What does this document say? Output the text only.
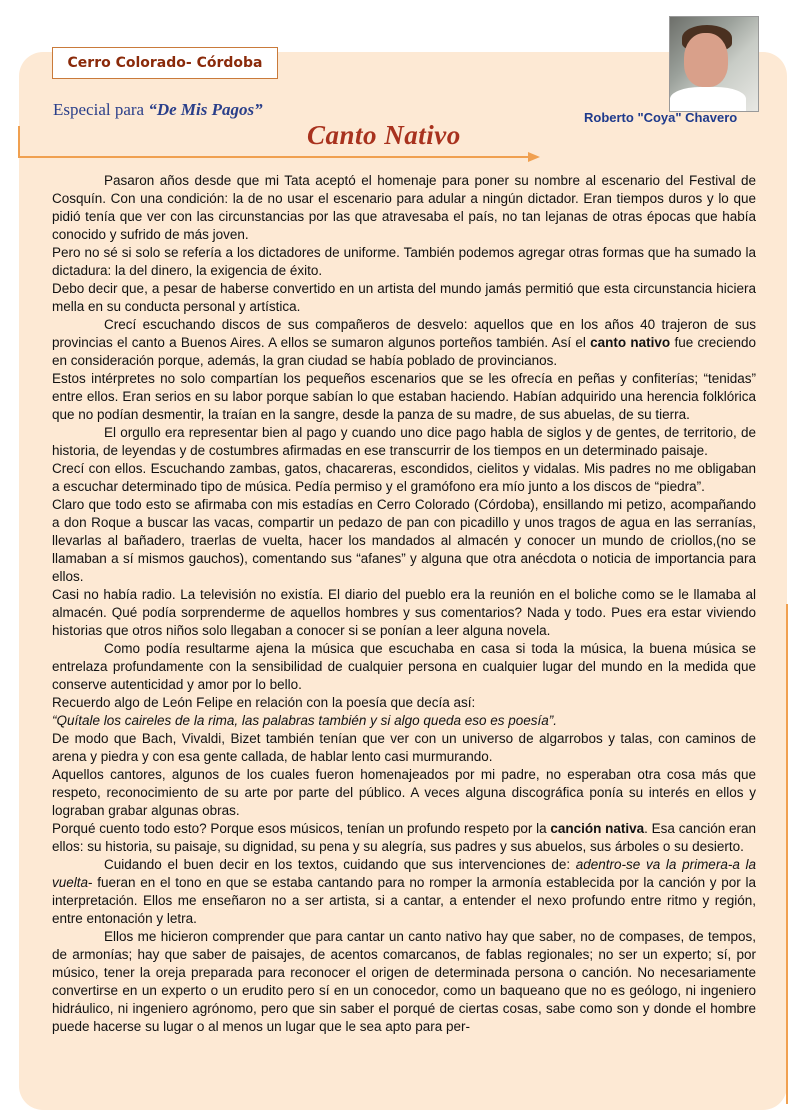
Cerro Colorado- Córdoba
Especial para “De Mis Pagos”	Roberto "Coya" Chavero
Canto Nativo

Pasaron años desde que mi Tata aceptó el homenaje para poner su nombre al escenario del Festival de Cosquín. Con una condición: la de no usar el escenario para adular a ningún dictador. Eran tiempos duros y lo que pidió tenía que ver con las circunstancias por las que atravesaba el país, no tan lejanas de otras épocas que había conocido y sufrido de más joven.

Pero no sé si solo se refería a los dictadores de uniforme. También podemos agregar otras formas que ha sumado la dictadura: la del dinero, la exigencia de éxito.

Debo decir que, a pesar de haberse convertido en un artista del mundo jamás permitió que esta circunstancia hiciera mella en su conducta personal y artística.

Crecí escuchando discos de sus compañeros de desvelo: aquellos que en los años 40 trajeron de sus provincias el canto a Buenos Aires. A ellos se sumaron algunos porteños también. Así el canto nativo fue creciendo en consideración porque, además, la gran ciudad se había poblado de provincianos.

Estos intérpretes no solo compartían los pequeños escenarios que se les ofrecía en peñas y confiterías; “tenidas” entre ellos. Eran serios en su labor porque sabían lo que estaban haciendo. Habían adquirido una herencia folklórica que no podían desmentir, la traían en la sangre, desde la panza de su madre, de sus abuelas, de su tierra.

El orgullo era representar bien al pago y cuando uno dice pago habla de siglos y de gentes, de territorio, de historia, de leyendas y de costumbres afirmadas en ese transcurrir de los tiempos en un determinado paisaje.

Crecí con ellos. Escuchando zambas, gatos, chacareras, escondidos, cielitos y vidalas. Mis padres no me obligaban a escuchar determinado tipo de música. Pedía permiso y el gramófono era mío junto a los discos de “piedra”.

Claro que todo esto se afirmaba con mis estadías en Cerro Colorado (Córdoba), ensillando mi petizo, acompañando a don Roque a buscar las vacas, compartir un pedazo de pan con picadillo y unos tragos de agua en las serranías, llevarlas al bañadero, traerlas de vuelta, hacer los mandados al almacén y conocer un mundo de criollos,(no se llamaban a sí mismos gauchos), comentando sus “afanes” y alguna que otra anécdota o noticia de importancia para ellos.

Casi no había radio. La televisión no existía. El diario del pueblo era la reunión en el boliche como se le llamaba al almacén. Qué podía sorprenderme de aquellos hombres y sus comentarios? Nada y todo. Pues era estar viviendo historias que otros niños solo llegaban a conocer si se ponían a leer alguna novela.

Como podía resultarme ajena la música que escuchaba en casa si toda la música, la buena música se entrelaza profundamente con la sensibilidad de cualquier persona en cualquier lugar del mundo en la medida que conserve autenticidad y amor por lo bello.

Recuerdo algo de León Felipe en relación con la poesía que decía así:

“Quítale los caireles de la rima, las palabras también y si algo queda eso es poesía”.

De modo que Bach, Vivaldi, Bizet también tenían que ver con un universo de algarrobos y talas, con caminos de arena y piedra y con esa gente callada, de hablar lento casi murmurando.

Aquellos cantores, algunos de los cuales fueron homenajeados por mi padre, no esperaban otra cosa más que respeto, reconocimiento de su arte por parte del público. A veces alguna discográfica ponía su interés en ellos y lograban grabar algunas obras.

Porqué cuento todo esto? Porque esos músicos, tenían un profundo respeto por la canción nativa. Esa canción eran ellos: su historia, su paisaje, su dignidad, su pena y su alegría, sus padres y sus abuelos, sus árboles o su desierto.

Cuidando el buen decir en los textos, cuidando que sus intervenciones de: adentro-se va la primera-a la vuelta- fueran en el tono en que se estaba cantando para no romper la armonía establecida por la canción y por la interpretación. Ellos me enseñaron no a ser artista, si a cantar, a entender el nexo profundo entre ritmo y región, entre entonación y letra.

Ellos me hicieron comprender que para cantar un canto nativo hay que saber, no de compases, de tempos, de armonías; hay que saber de paisajes, de acentos comarcanos, de fablas regionales; no ser un experto; sí, por músico, tener la oreja preparada para reconocer el origen de determinada persona o canción. No necesariamente convertirse en un experto o un erudito pero sí en un conocedor, como un baqueano que no es geólogo, ni ingeniero hidráulico, ni ingeniero agrónomo, pero que sin saber el porqué de ciertas cosas, sabe como son y donde el hombre puede hacerse su lugar o al menos un lugar que le sea apto para per-
